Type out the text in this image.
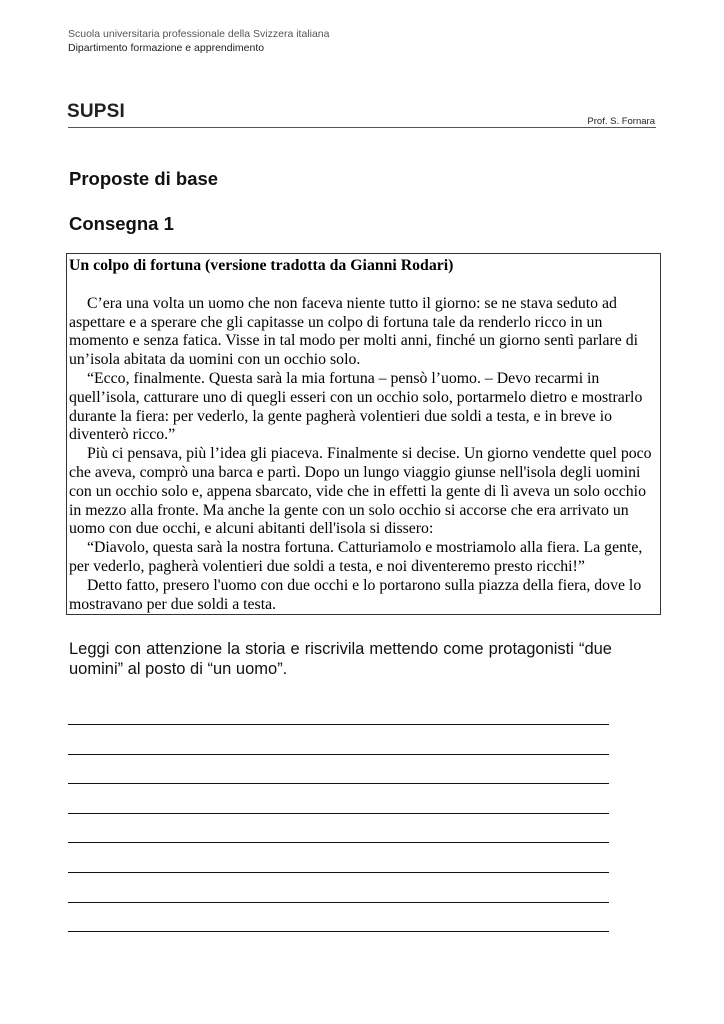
Scuola universitaria professionale della Svizzera italiana
Dipartimento formazione e apprendimento
SUPSI	Prof. S. Fornara
Proposte di base
Consegna 1
Un colpo di fortuna (versione tradotta da Gianni Rodari)

C’era una volta un uomo che non faceva niente tutto il giorno: se ne stava seduto ad aspettare e a sperare che gli capitasse un colpo di fortuna tale da renderlo ricco in un momento e senza fatica. Visse in tal modo per molti anni, finché un giorno sentì parlare di un’isola abitata da uomini con un occhio solo.

“Ecco, finalmente. Questa sarà la mia fortuna – pensò l’uomo. – Devo recarmi in quell’isola, catturare uno di quegli esseri con un occhio solo, portarmelo dietro e mostrarlo durante la fiera: per vederlo, la gente pagherà volentieri due soldi a testa, e in breve io diventerò ricco.”

Più ci pensava, più l’idea gli piaceva. Finalmente si decise. Un giorno vendette quel poco che aveva, comprò una barca e partì. Dopo un lungo viaggio giunse nell'isola degli uomini con un occhio solo e, appena sbarcato, vide che in effetti la gente di lì aveva un solo occhio in mezzo alla fronte. Ma anche la gente con un solo occhio si accorse che era arrivato un uomo con due occhi, e alcuni abitanti dell'isola si dissero:

“Diavolo, questa sarà la nostra fortuna. Catturiamolo e mostriamolo alla fiera. La gente, per vederlo, pagherà volentieri due soldi a testa, e noi diventeremo presto ricchi!”

Detto fatto, presero l'uomo con due occhi e lo portarono sulla piazza della fiera, dove lo mostravano per due soldi a testa.

Leggi con attenzione la storia e riscrivila mettendo come protagonisti “due uomini” al posto di “un uomo”.
